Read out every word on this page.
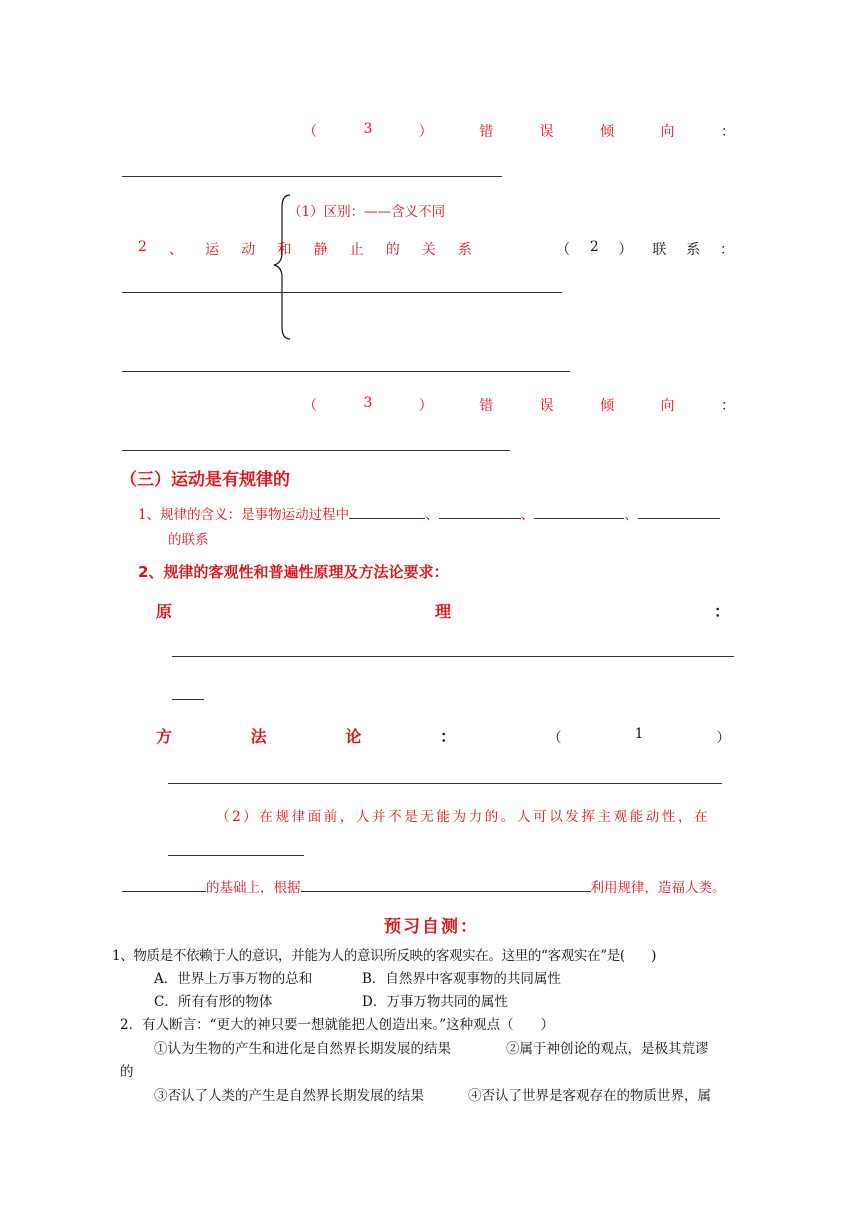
（	3	）	错	误	倾	向	：
（1）区别：——含义不同
2 、 运 动 和 静 止 的 关 系	（ 2 ） 联 系 ：
（	3	）	错	误	倾	向	：
（三）运动是有规律的
1、规律的含义：是事物运动过程中	、	、	、
的联系
2、规律的客观性和普遍性原理及方法论要求：
原	理	：
方	法	论	：	（	1	）
（2）在规律面前，人并不是无能为力的。人可以发挥主观能动性，在
的基础上，根据	利用规律，造福人类。
预习自测：
1、物质是不依赖于人的意识，并能为人的意识所反映的客观实在。这里的“客观实在”是(　　)
A．世界上万事万物的总和	B．自然界中客观事物的共同属性
C．所有有形的物体	D．万事万物共同的属性
2．有人断言：“更大的神只要一想就能把人创造出来。”这种观点（　　）
①认为生物的产生和进化是自然界长期发展的结果	②属于神创论的观点，是极其荒谬
的
③否认了人类的产生是自然界长期发展的结果	④否认了世界是客观存在的物质世界，属
